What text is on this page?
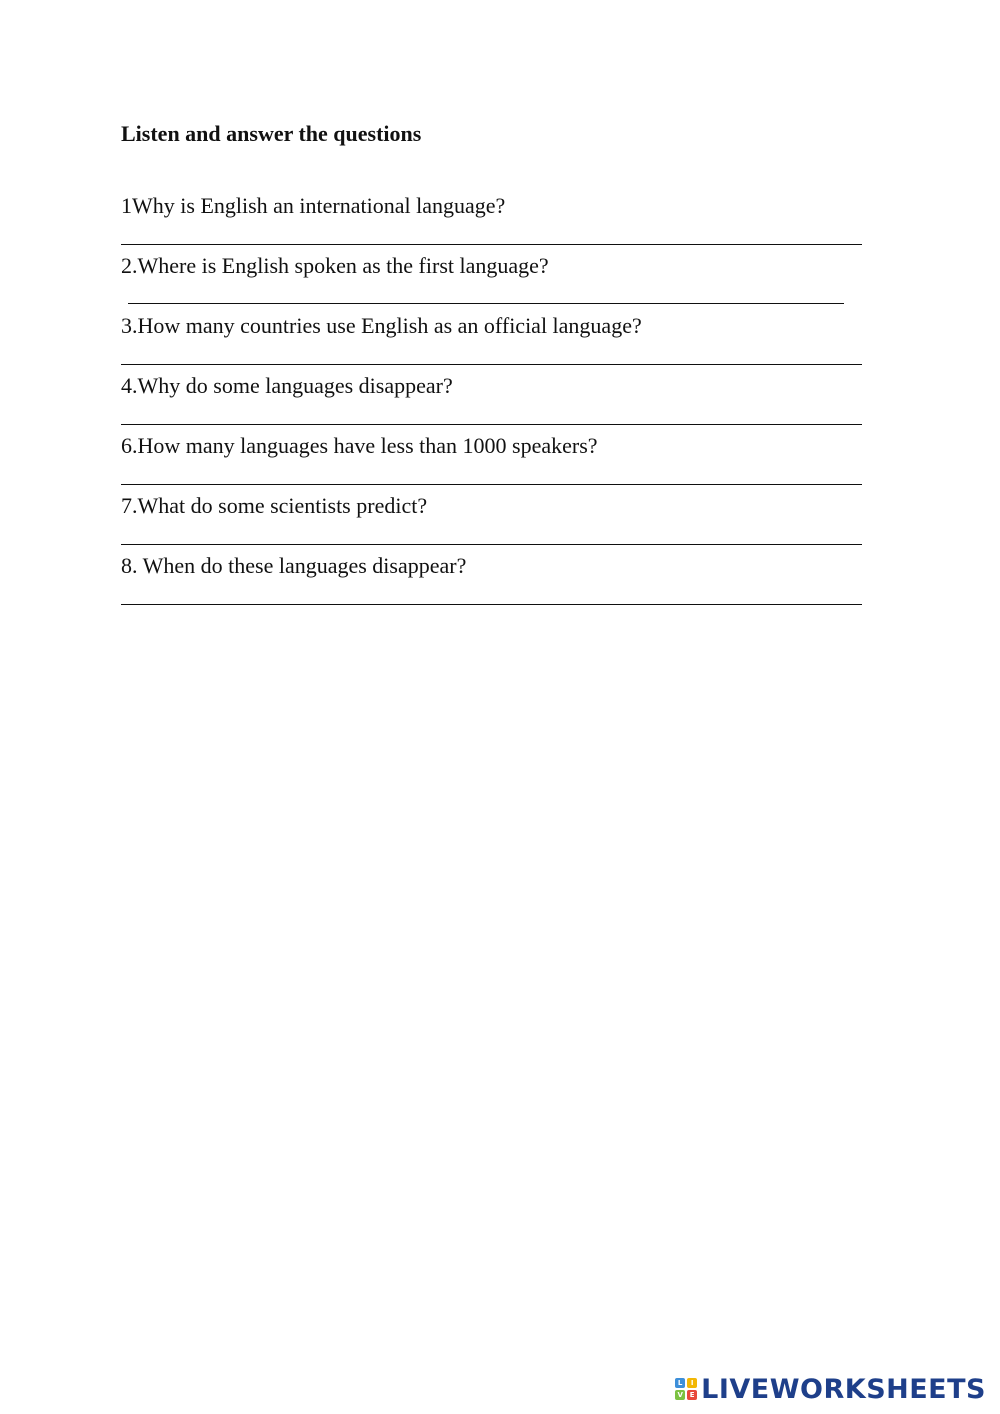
Listen and answer the questions
1Why is English an international language?
2.Where is English spoken as the first language?
3.How many countries use English as an official language?
4.Why do some languages disappear?
6.How many languages have less than 1000 speakers?
7.What do some scientists predict?
8. When do these languages disappear?
L	I
V E LIVEWORKSHEETS
